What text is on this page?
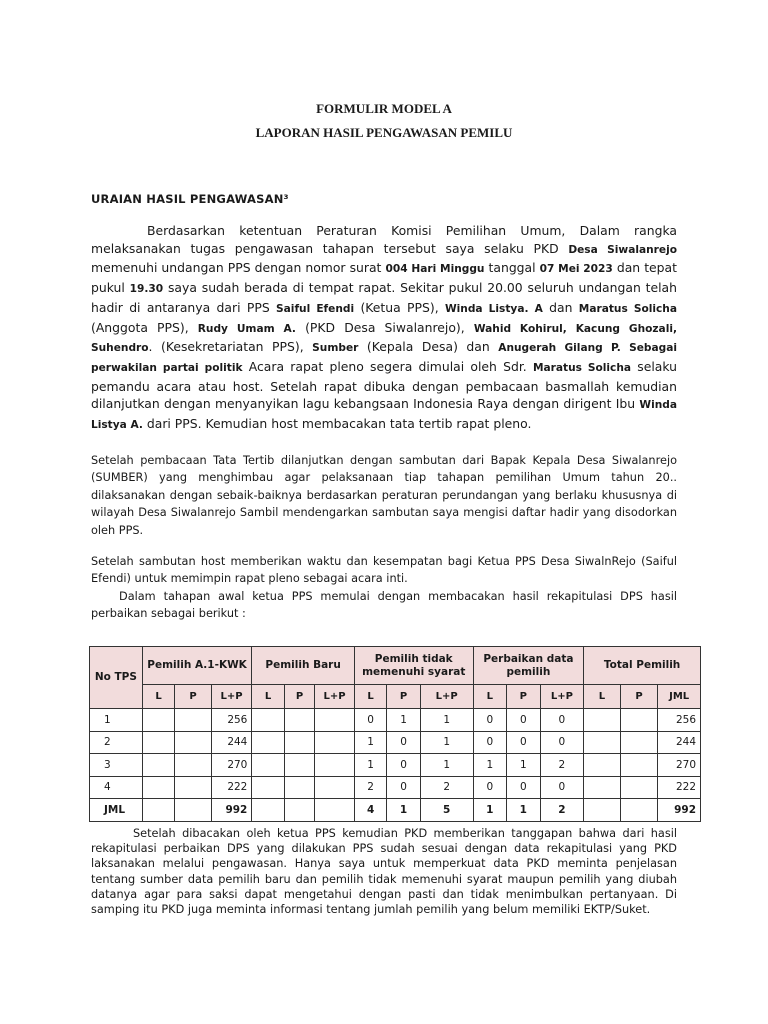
FORMULIR MODEL A
LAPORAN HASIL PENGAWASAN PEMILU
URAIAN HASIL PENGAWASAN³

Berdasarkan ketentuan Peraturan Komisi Pemilihan Umum, Dalam rangka melaksanakan tugas pengawasan tahapan tersebut saya selaku PKD Desa Siwalanrejo memenuhi undangan PPS dengan nomor surat 004 Hari Minggu tanggal 07 Mei 2023 dan tepat pukul 19.30 saya sudah berada di tempat rapat. Sekitar pukul 20.00 seluruh undangan telah hadir di antaranya dari PPS Saiful Efendi (Ketua PPS), Winda Listya. A dan Maratus Solicha (Anggota PPS), Rudy Umam A. (PKD Desa Siwalanrejo), Wahid Kohirul, Kacung Ghozali, Suhendro. (Kesekretariatan PPS), Sumber (Kepala Desa) dan Anugerah Gilang P. Sebagai perwakilan partai politik Acara rapat pleno segera dimulai oleh Sdr. Maratus Solicha selaku pemandu acara atau host. Setelah rapat dibuka dengan pembacaan basmallah kemudian dilanjutkan dengan menyanyikan lagu kebangsaan Indonesia Raya dengan dirigent Ibu Winda Listya A. dari PPS. Kemudian host membacakan tata tertib rapat pleno.

Setelah pembacaan Tata Tertib dilanjutkan dengan sambutan dari Bapak Kepala Desa Siwalanrejo (SUMBER) yang menghimbau agar pelaksanaan tiap tahapan pemilihan Umum tahun 20.. dilaksanakan dengan sebaik-baiknya berdasarkan peraturan perundangan yang berlaku khususnya di wilayah Desa Siwalanrejo Sambil mendengarkan sambutan saya mengisi daftar hadir yang disodorkan oleh PPS.

Setelah sambutan host memberikan waktu dan kesempatan bagi Ketua PPS Desa SiwalnRejo (Saiful Efendi) untuk memimpin rapat pleno sebagai acara inti.
Dalam tahapan awal ketua PPS memulai dengan membacakan hasil rekapitulasi DPS hasil perbaikan sebagai berikut :

No TPS	Pemilih A.1-KWK			Pemilih Baru			Pemilih tidak memenuhi syarat			Perbaikan data pemilih			Total Pemilih		
	L	P	L+P	L	P	L+P	L	P	L+P	L	P	L+P	L	P	JML
1			256				0	1	1	0	0	0			256
2			244				1	0	1	0	0	0			244
3			270				1	0	1	1	1	2			270
4			222				2	0	2	0	0	0			222
JML			992				4	1	5	1	1	2			992

Setelah dibacakan oleh ketua PPS kemudian PKD memberikan tanggapan bahwa dari hasil rekapitulasi perbaikan DPS yang dilakukan PPS sudah sesuai dengan data rekapitulasi yang PKD laksanakan melalui pengawasan. Hanya saya untuk memperkuat data PKD meminta penjelasan tentang sumber data pemilih baru dan pemilih tidak memenuhi syarat maupun pemilih yang diubah datanya agar para saksi dapat mengetahui dengan pasti dan tidak menimbulkan pertanyaan. Di samping itu PKD juga meminta informasi tentang jumlah pemilih yang belum memiliki EKTP/Suket.
